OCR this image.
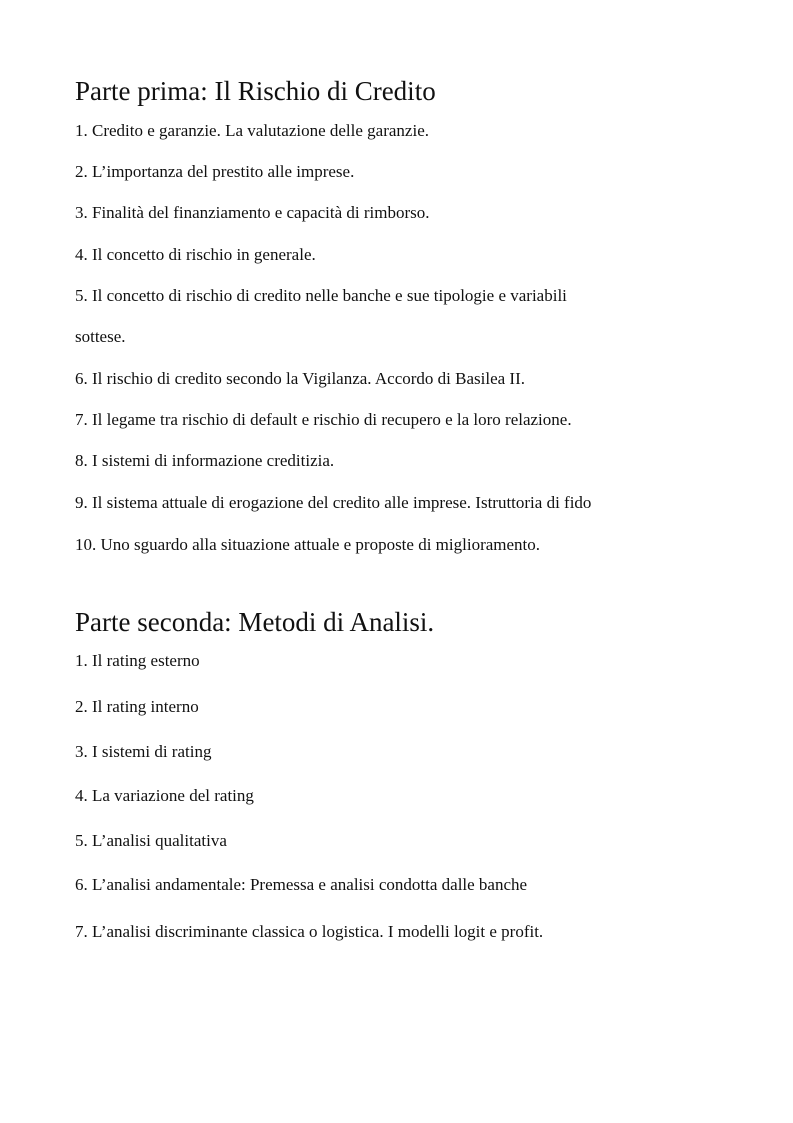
Parte prima: Il Rischio di Credito

1. Credito e garanzie. La valutazione delle garanzie.

2. L’importanza del prestito alle imprese.

3. Finalità del finanziamento e capacità di rimborso.

4. Il concetto di rischio in generale.

5. Il concetto di rischio di credito nelle banche e sue tipologie e variabili

sottese.

6. Il rischio di credito secondo la Vigilanza. Accordo di Basilea II.

7. Il legame tra rischio di default e rischio di recupero e la loro relazione.

8. I sistemi di informazione creditizia.

9. Il sistema attuale di erogazione del credito alle imprese. Istruttoria di fido

10. Uno sguardo alla situazione attuale e proposte di miglioramento.

Parte seconda: Metodi di Analisi.

1. Il rating esterno

2. Il rating interno

3. I sistemi di rating

4. La variazione del rating

5. L’analisi qualitativa

6. L’analisi andamentale: Premessa e analisi condotta dalle banche

7. L’analisi discriminante classica o logistica. I modelli logit e profit.
